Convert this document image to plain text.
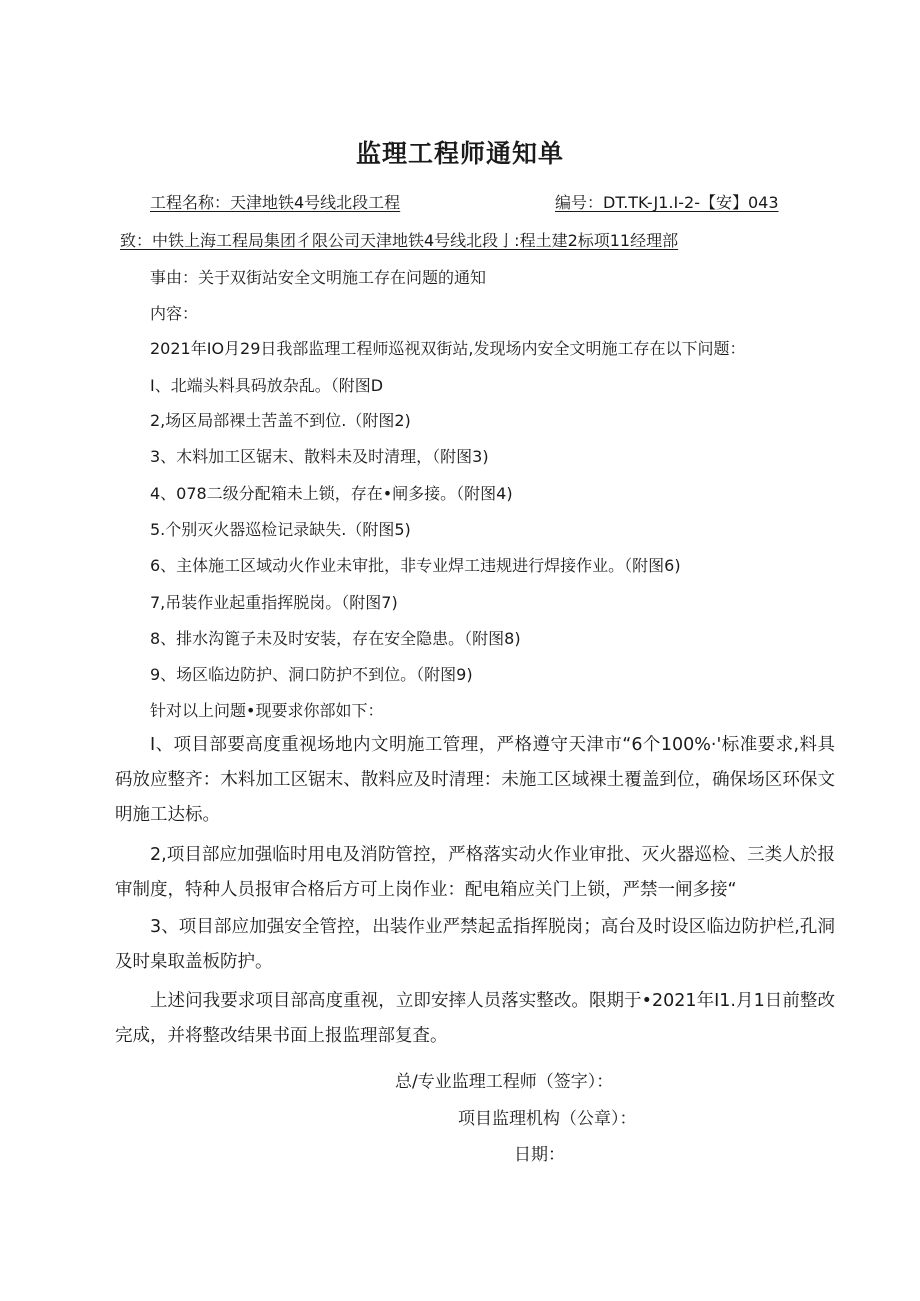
监理工程师通知单
工程名称：天津地铁4号线北段工程	编号：DT.TK-J1.I-2-【安】043
致：中铁上海工程局集团彳限公司天津地铁4号线北段亅:程土建2标项11经理部
事由：关于双街站安全文明施工存在问题的通知
内容：
2021年IO月29日我部监理工程师巡视双街站,发现场内安全文明施工存在以下问题：
I、北端头料具码放杂乱。（附图D
2,场区局部裸土苦盖不到位.（附图2)
3、木料加工区锯末、散料未及时清理，（附图3)
4、078二级分配箱未上锁，存在•闸多接。（附图4)
5.个别灭火器巡检记录缺失.（附图5)
6、主体施工区域动火作业未审批，非专业焊工违规进行焊接作业。（附图6)
7,吊装作业起重指挥脱岗。（附图7)
8、排水沟篦子未及时安装，存在安全隐患。（附图8)
9、场区临边防护、洞口防护不到位。（附图9)
针对以上问题•现要求你部如下：
I、项目部要高度重视场地内文明施工管理，严格遵守天津市“6个100%·'标准要求,料具码放应整齐：木料加工区锯末、散料应及时清理：未施工区域裸土覆盖到位，确保场区环保文明施工达标。
2,项目部应加强临时用电及消防管控，严格落实动火作业审批、灭火器巡检、三类人於报审制度，特种人员报审合格后方可上岗作业：配电箱应关门上锁，严禁一闸多接“
3、项目部应加强安全管控，出装作业严禁起孟指挥脱岗；高台及时设区临边防护栏,孔洞及时臬取盖板防护。
上述问我要求项目部高度重视，立即安摔人员落实整改。限期于•2021年I1.月1日前整改完成，并将整改结果书面上报监理部复査。
总/专业监理工程师（签字）：
项目监理机构（公章）：
日期：
